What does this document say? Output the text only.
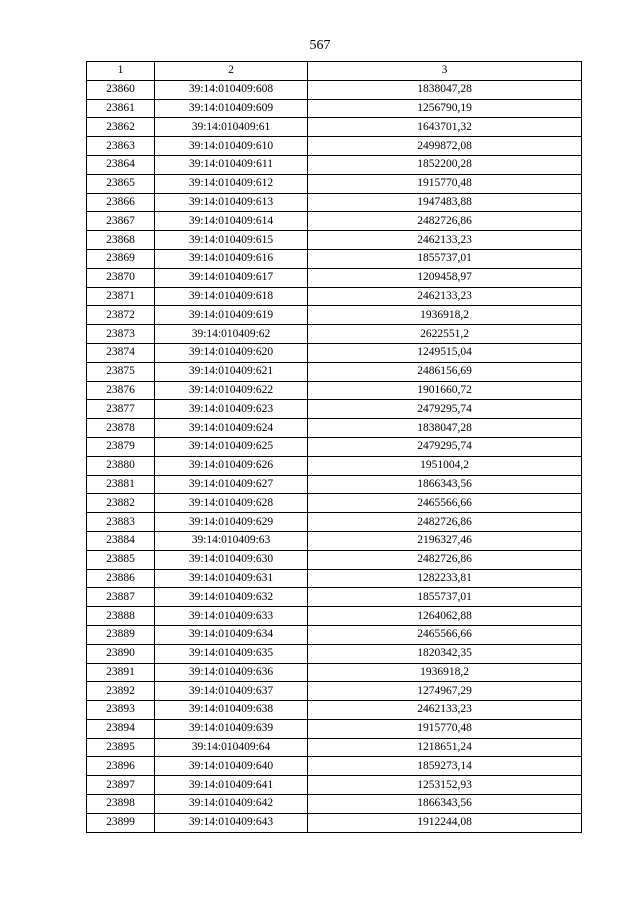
567
1	2	3
23860	39:14:010409:608	1838047,28
23861	39:14:010409:609	1256790,19
23862	39:14:010409:61	1643701,32
23863	39:14:010409:610	2499872,08
23864	39:14:010409:611	1852200,28
23865	39:14:010409:612	1915770,48
23866	39:14:010409:613	1947483,88
23867	39:14:010409:614	2482726,86
23868	39:14:010409:615	2462133,23
23869	39:14:010409:616	1855737,01
23870	39:14:010409:617	1209458,97
23871	39:14:010409:618	2462133,23
23872	39:14:010409:619	1936918,2
23873	39:14:010409:62	2622551,2
23874	39:14:010409:620	1249515,04
23875	39:14:010409:621	2486156,69
23876	39:14:010409:622	1901660,72
23877	39:14:010409:623	2479295,74
23878	39:14:010409:624	1838047,28
23879	39:14:010409:625	2479295,74
23880	39:14:010409:626	1951004,2
23881	39:14:010409:627	1866343,56
23882	39:14:010409:628	2465566,66
23883	39:14:010409:629	2482726,86
23884	39:14:010409:63	2196327,46
23885	39:14:010409:630	2482726,86
23886	39:14:010409:631	1282233,81
23887	39:14:010409:632	1855737,01
23888	39:14:010409:633	1264062,88
23889	39:14:010409:634	2465566,66
23890	39:14:010409:635	1820342,35
23891	39:14:010409:636	1936918,2
23892	39:14:010409:637	1274967,29
23893	39:14:010409:638	2462133,23
23894	39:14:010409:639	1915770,48
23895	39:14:010409:64	1218651,24
23896	39:14:010409:640	1859273,14
23897	39:14:010409:641	1253152,93
23898	39:14:010409:642	1866343,56
23899	39:14:010409:643	1912244,08
